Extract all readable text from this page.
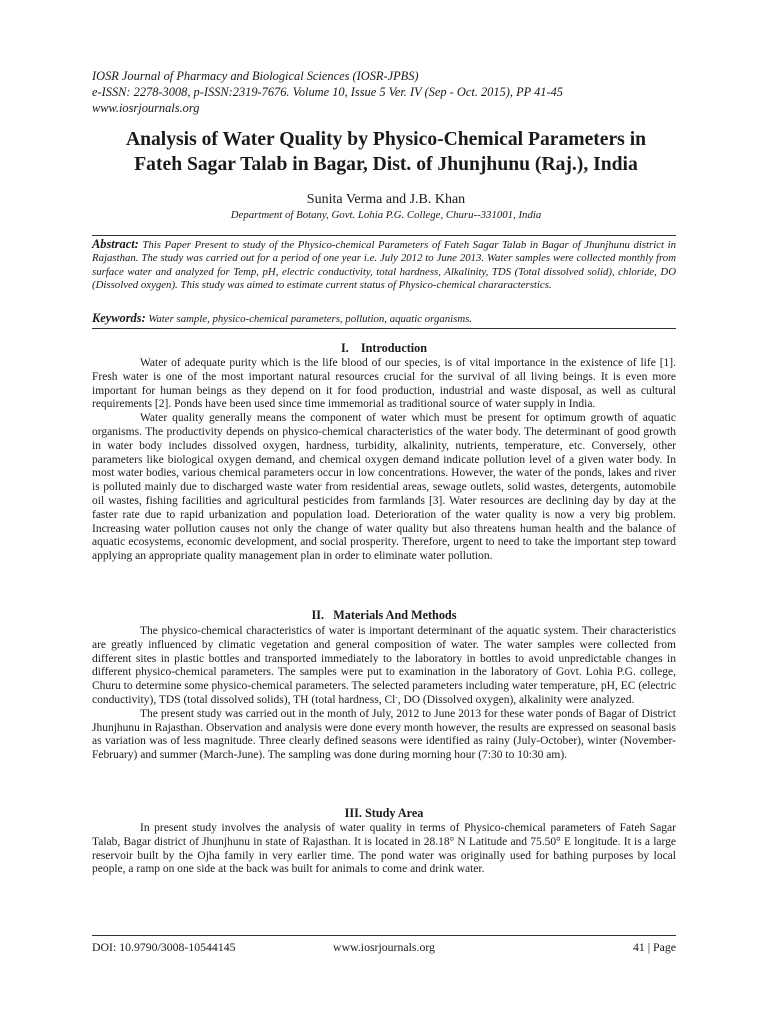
IOSR Journal of Pharmacy and Biological Sciences (IOSR-JPBS)
e-ISSN: 2278-3008, p-ISSN:2319-7676. Volume 10, Issue 5 Ver. IV (Sep - Oct. 2015), PP 41-45
www.iosrjournals.org
Analysis of Water Quality by Physico-Chemical Parameters in
Fateh Sagar Talab in Bagar, Dist. of Jhunjhunu (Raj.), India
Sunita Verma and J.B. Khan
Department of Botany, Govt. Lohia P.G. College, Churu--331001, India
Abstract: This Paper Present to study of the Physico-chemical Parameters of Fateh Sagar Talab in Bagar of Jhunjhunu district in Rajasthan. The study was carried out for a period of one year i.e. July 2012 to June 2013. Water samples were collected monthly from surface water and analyzed for Temp, pH, electric conductivity, total hardness, Alkalinity, TDS (Total dissolved solid), chloride, DO (Dissolved oxygen). This study was aimed to estimate current status of Physico-chemical chararacterstics.
Keywords: Water sample, physico-chemical parameters, pollution, aquatic organisms.
I.    Introduction

Water of adequate purity which is the life blood of our species, is of vital importance in the existence of life [1]. Fresh water is one of the most important natural resources crucial for the survival of all living beings. It is even more important for human beings as they depend on it for food production, industrial and waste disposal, as well as cultural requirements [2]. Ponds have been used since time immemorial as traditional source of water supply in India.

Water quality generally means the component of water which must be present for optimum growth of aquatic organisms. The productivity depends on physico-chemical characteristics of the water body. The determinant of good growth in water body includes dissolved oxygen, hardness, turbidity, alkalinity, nutrients, temperature, etc. Conversely, other parameters like biological oxygen demand, and chemical oxygen demand indicate pollution level of a given water body. In most water bodies, various chemical parameters occur in low concentrations. However, the water of the ponds, lakes and river is polluted mainly due to discharged waste water from residential areas, sewage outlets, solid wastes, detergents, automobile oil wastes, fishing facilities and agricultural pesticides from farmlands [3]. Water resources are declining day by day at the faster rate due to rapid urbanization and population load. Deterioration of the water quality is now a very big problem. Increasing water pollution causes not only the change of water quality but also threatens human health and the balance of aquatic ecosystems, economic development, and social prosperity. Therefore, urgent to need to take the important step toward applying an appropriate quality management plan in order to eliminate water pollution.

II.   Materials And Methods

The physico-chemical characteristics of water is important determinant of the aquatic system. Their characteristics are greatly influenced by climatic vegetation and general composition of water. The water samples were collected from different sites in plastic bottles and transported immediately to the laboratory in bottles to avoid unpredictable changes in different physico-chemical parameters. The samples were put to examination in the laboratory of Govt. Lohia P.G. college, Churu to determine some physico-chemical parameters. The selected parameters including water temperature, pH, EC (electric conductivity), TDS (total dissolved solids), TH (total hardness, Cl-, DO (Dissolved oxygen), alkalinity were analyzed.

The present study was carried out in the month of July, 2012 to June 2013 for these water ponds of Bagar of District Jhunjhunu in Rajasthan. Observation and analysis were done every month however, the results are expressed on seasonal basis as variation was of less magnitude. Three clearly defined seasons were identified as rainy (July-October), winter (November- February) and summer (March-June). The sampling was done during morning hour (7:30 to 10:30 am).

III. Study Area

In present study involves the analysis of water quality in terms of Physico-chemical parameters of Fateh Sagar Talab, Bagar district of Jhunjhunu in state of Rajasthan. It is located in 28.18° N Latitude and 75.50° E longitude. It is a large reservoir built by the Ojha family in very earlier time. The pond water was originally used for bathing purposes by local people, a ramp on one side at the back was built for animals to come and drink water.

DOI: 10.9790/3008-10544145	www.iosrjournals.org	41 | Page
